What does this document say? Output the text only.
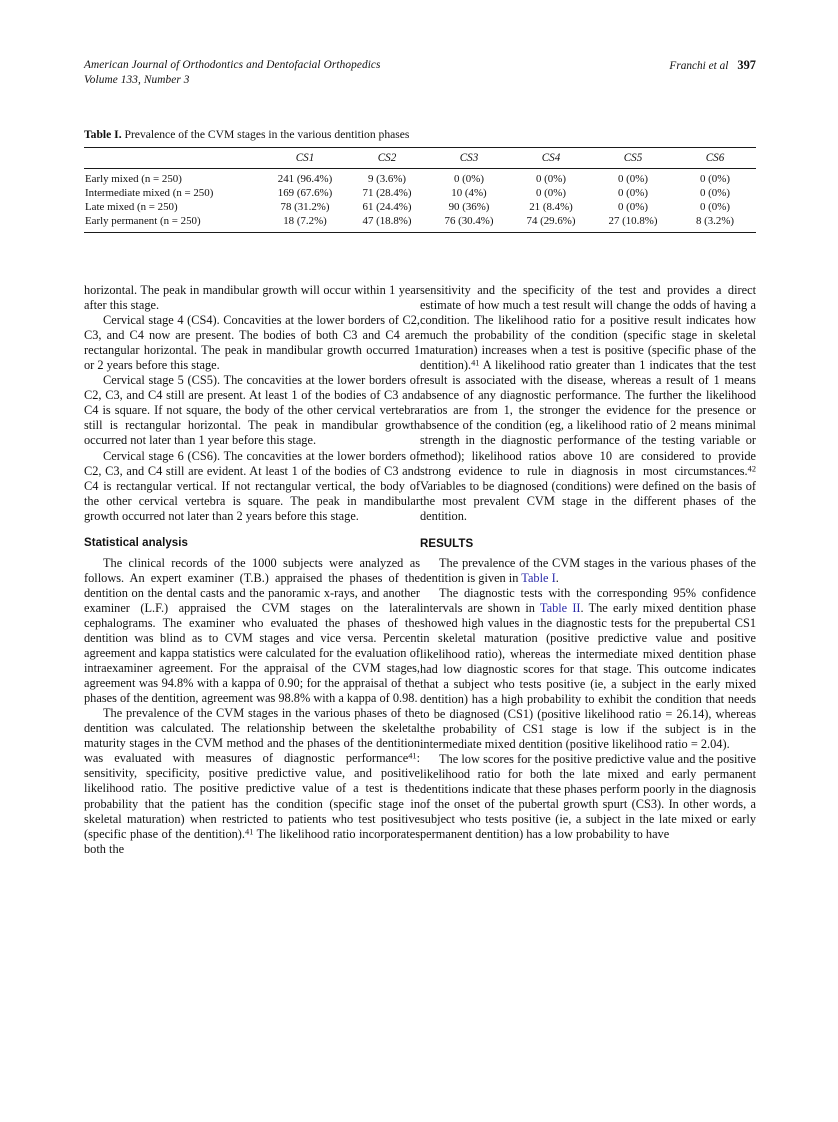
American Journal of Orthodontics and Dentofacial Orthopedics
Volume 133, Number 3
Franchi et al 397
Table I. Prevalence of the CVM stages in the various dentition phases
	CS1	CS2	CS3	CS4	CS5	CS6
Early mixed (n = 250)	241 (96.4%)	9 (3.6%)	0 (0%)	0 (0%)	0 (0%)	0 (0%)
Intermediate mixed (n = 250)	169 (67.6%)	71 (28.4%)	10 (4%)	0 (0%)	0 (0%)	0 (0%)
Late mixed (n = 250)	78 (31.2%)	61 (24.4%)	90 (36%)	21 (8.4%)	0 (0%)	0 (0%)
Early permanent (n = 250)	18 (7.2%)	47 (18.8%)	76 (30.4%)	74 (29.6%)	27 (10.8%)	8 (3.2%)

horizontal. The peak in mandibular growth will occur within 1 year after this stage.

Cervical stage 4 (CS4). Concavities at the lower borders of C2, C3, and C4 now are present. The bodies of both C3 and C4 are rectangular horizontal. The peak in mandibular growth occurred 1 or 2 years before this stage.

Cervical stage 5 (CS5). The concavities at the lower borders of C2, C3, and C4 still are present. At least 1 of the bodies of C3 and C4 is square. If not square, the body of the other cervical vertebra still is rectangular horizontal. The peak in mandibular growth occurred not later than 1 year before this stage.

Cervical stage 6 (CS6). The concavities at the lower borders of C2, C3, and C4 still are evident. At least 1 of the bodies of C3 and C4 is rectangular vertical. If not rectangular vertical, the body of the other cervical vertebra is square. The peak in mandibular growth occurred not later than 2 years before this stage.

Statistical analysis

The clinical records of the 1000 subjects were analyzed as follows. An expert examiner (T.B.) appraised the phases of the dentition on the dental casts and the panoramic x-rays, and another examiner (L.F.) appraised the CVM stages on the lateral cephalograms. The examiner who evaluated the phases of the dentition was blind as to CVM stages and vice versa. Percent agreement and kappa statistics were calculated for the evaluation of intraexaminer agreement. For the appraisal of the CVM stages, agreement was 94.8% with a kappa of 0.90; for the appraisal of the phases of the dentition, agreement was 98.8% with a kappa of 0.98.

The prevalence of the CVM stages in the various phases of the dentition was calculated. The relationship between the skeletal maturity stages in the CVM method and the phases of the dentition was evaluated with measures of diagnostic performance$^{41}$: sensitivity, specificity, positive predictive value, and positive likelihood ratio. The positive predictive value of a test is the probability that the patient has the condition (specific stage in skeletal maturation) when restricted to patients who test positive (specific phase of the dentition).$^{41}$ The likelihood ratio incorporates both the

sensitivity and the specificity of the test and provides a direct estimate of how much a test result will change the odds of having a condition. The likelihood ratio for a positive result indicates how much the probability of the condition (specific stage in skeletal maturation) increases when a test is positive (specific phase of the dentition).$^{41}$ A likelihood ratio greater than 1 indicates that the test result is associated with the disease, whereas a result of 1 means absence of any diagnostic performance. The further the likelihood ratios are from 1, the stronger the evidence for the presence or absence of the condition (eg, a likelihood ratio of 2 means minimal strength in the diagnostic performance of the testing variable or method); likelihood ratios above 10 are considered to provide strong evidence to rule in diagnosis in most circumstances.$^{42}$ Variables to be diagnosed (conditions) were defined on the basis of the most prevalent CVM stage in the different phases of the dentition.

RESULTS

The prevalence of the CVM stages in the various phases of the dentition is given in Table I.

The diagnostic tests with the corresponding 95% confidence intervals are shown in Table II. The early mixed dentition phase showed high values in the diagnostic tests for the prepubertal CS1 in skeletal maturation (positive predictive value and positive likelihood ratio), whereas the intermediate mixed dentition phase had low diagnostic scores for that stage. This outcome indicates that a subject who tests positive (ie, a subject in the early mixed dentition) has a high probability to exhibit the condition that needs to be diagnosed (CS1) (positive likelihood ratio = 26.14), whereas the probability of CS1 stage is low if the subject is in the intermediate mixed dentition (positive likelihood ratio = 2.04).

The low scores for the positive predictive value and the positive likelihood ratio for both the late mixed and early permanent dentitions indicate that these phases perform poorly in the diagnosis of the onset of the pubertal growth spurt (CS3). In other words, a subject who tests positive (ie, a subject in the late mixed or early permanent dentition) has a low probability to have
